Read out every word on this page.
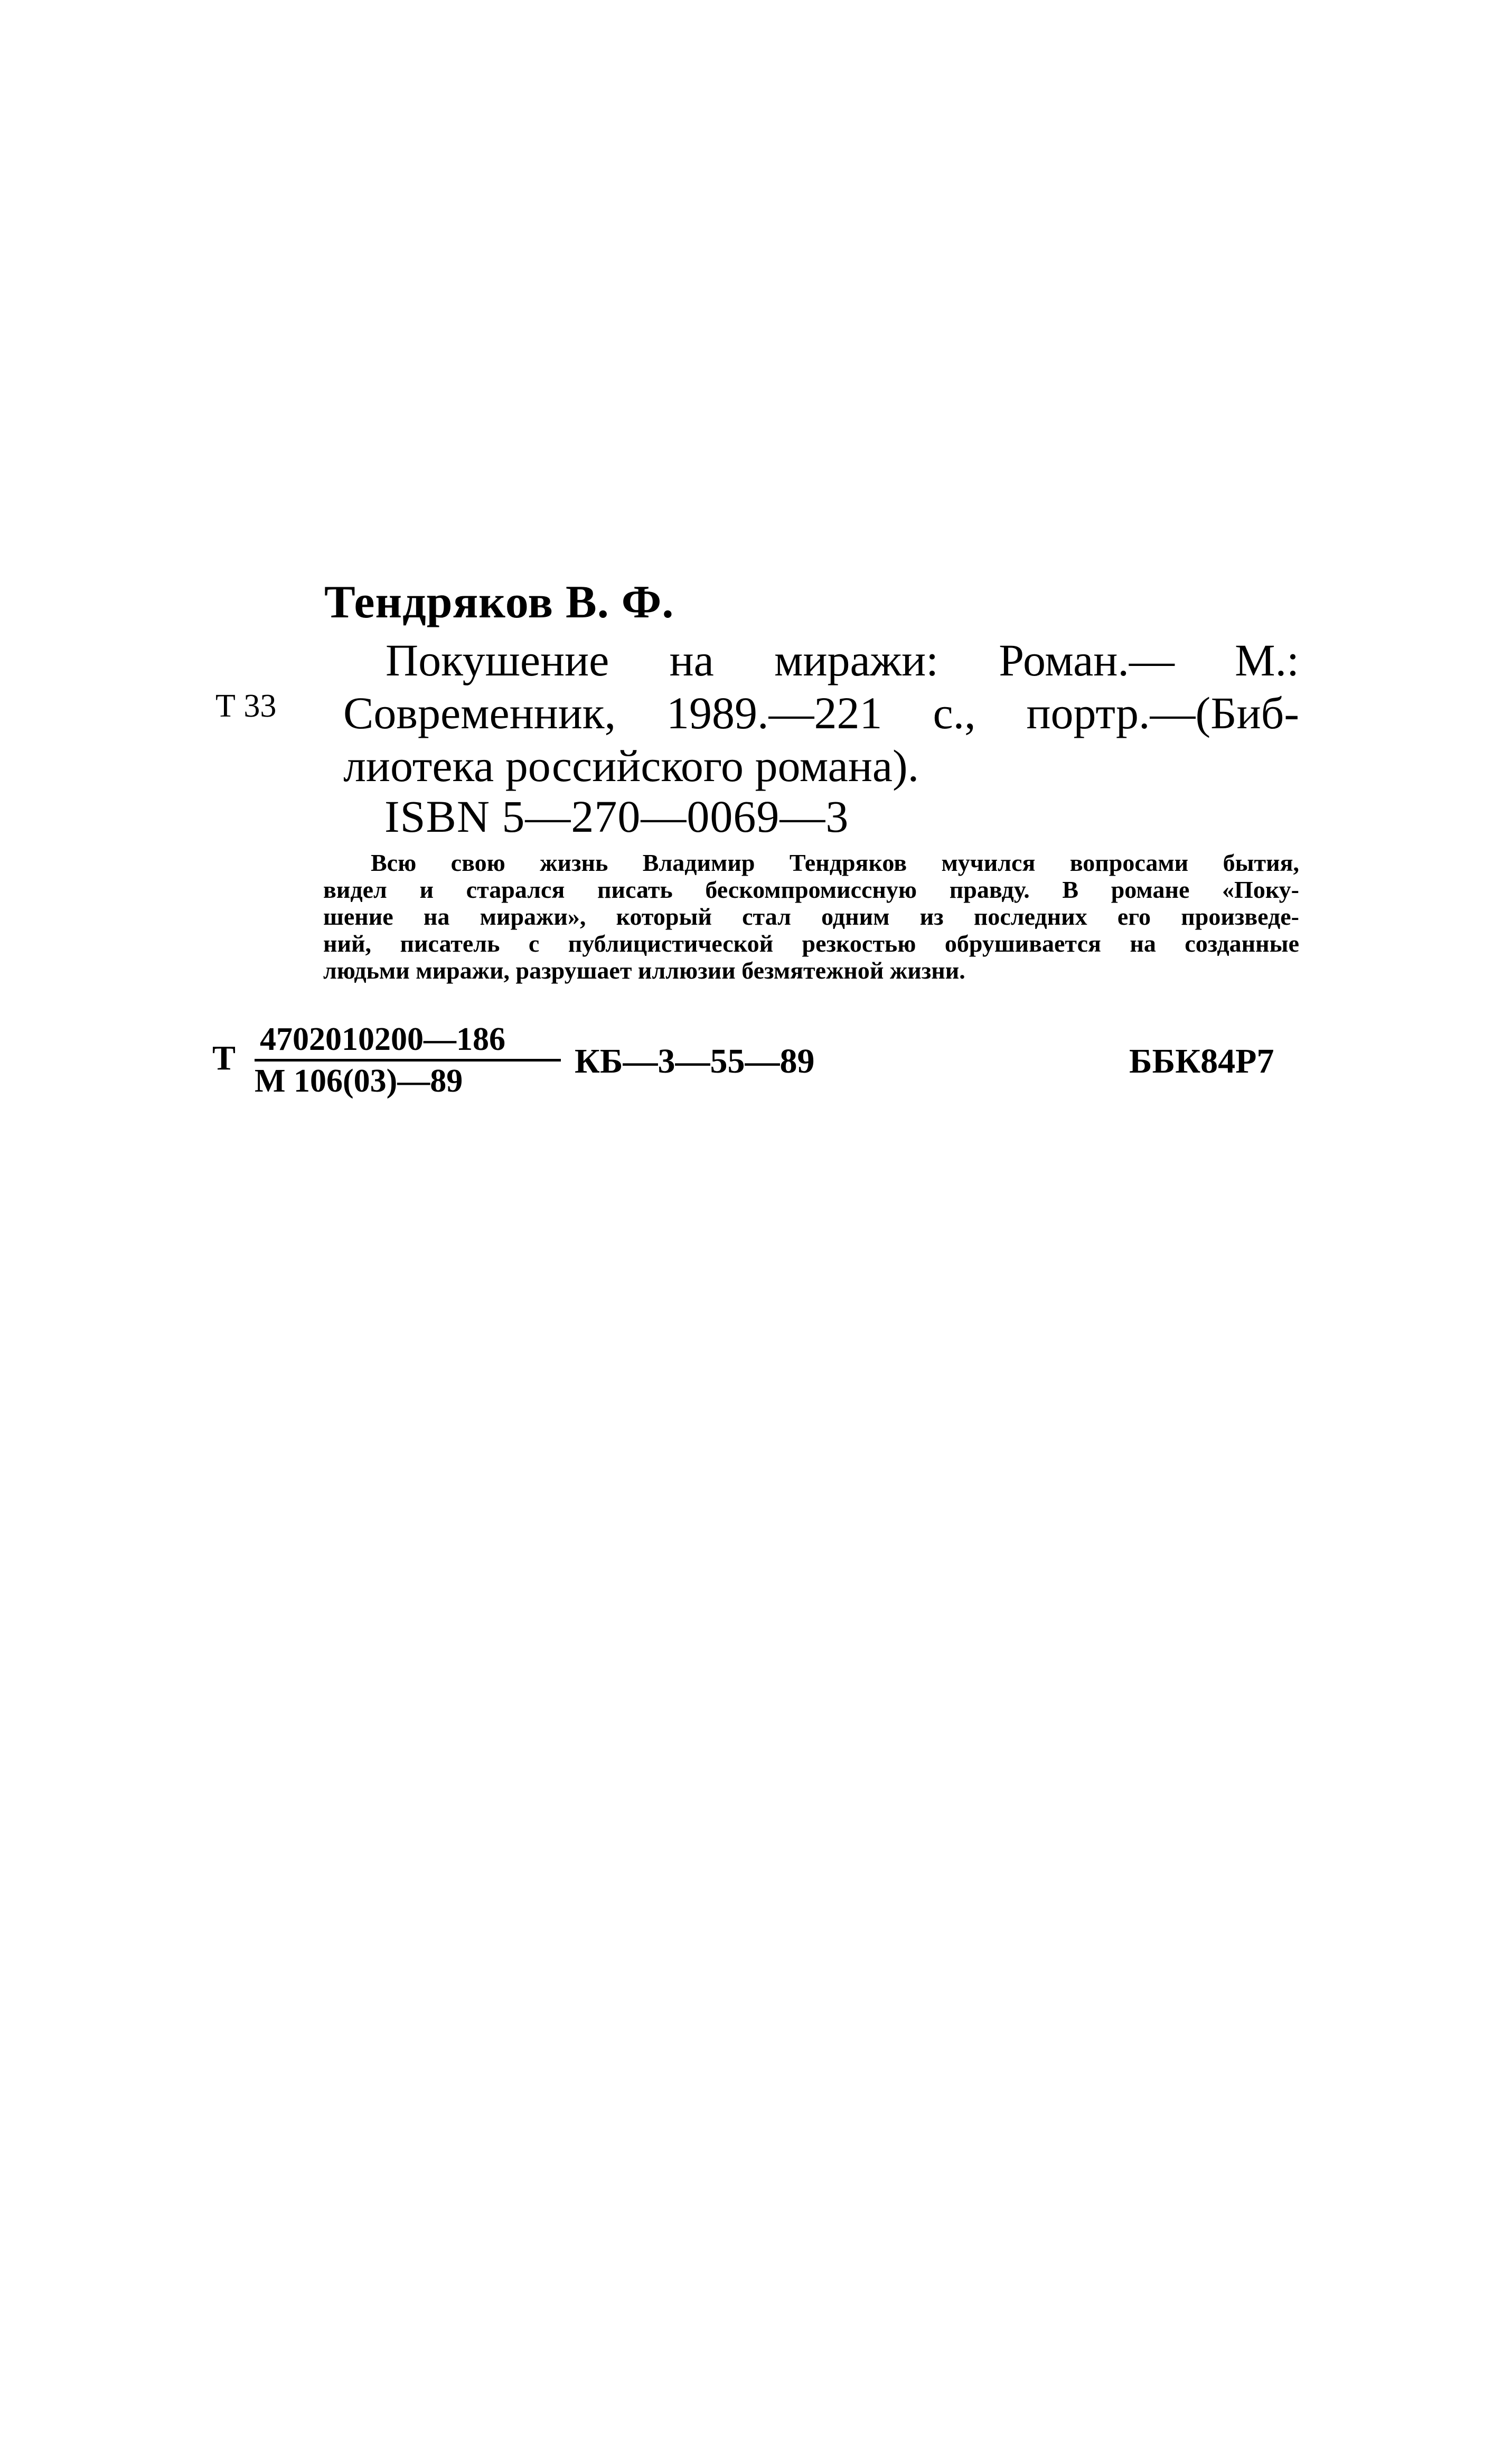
Тендряков В. Ф.
Т 33
Покушение на миражи: Роман.— М.:
Современник, 1989.—221 с., портр.—(Биб-
лиотека российского романа).
ISBN 5—270—0069—3
Всю свою жизнь Владимир Тендряков мучился вопросами бытия,
видел и старался писать бескомпромиссную правду. В романе «Поку-
шение на миражи», который стал одним из последних его произведе-
ний, писатель с публицистической резкостью обрушивается на созданные
людьми миражи, разрушает иллюзии безмятежной жизни.
Т 4702010200—186
М 106(03)—89
КБ—3—55—89	ББК84Р7
